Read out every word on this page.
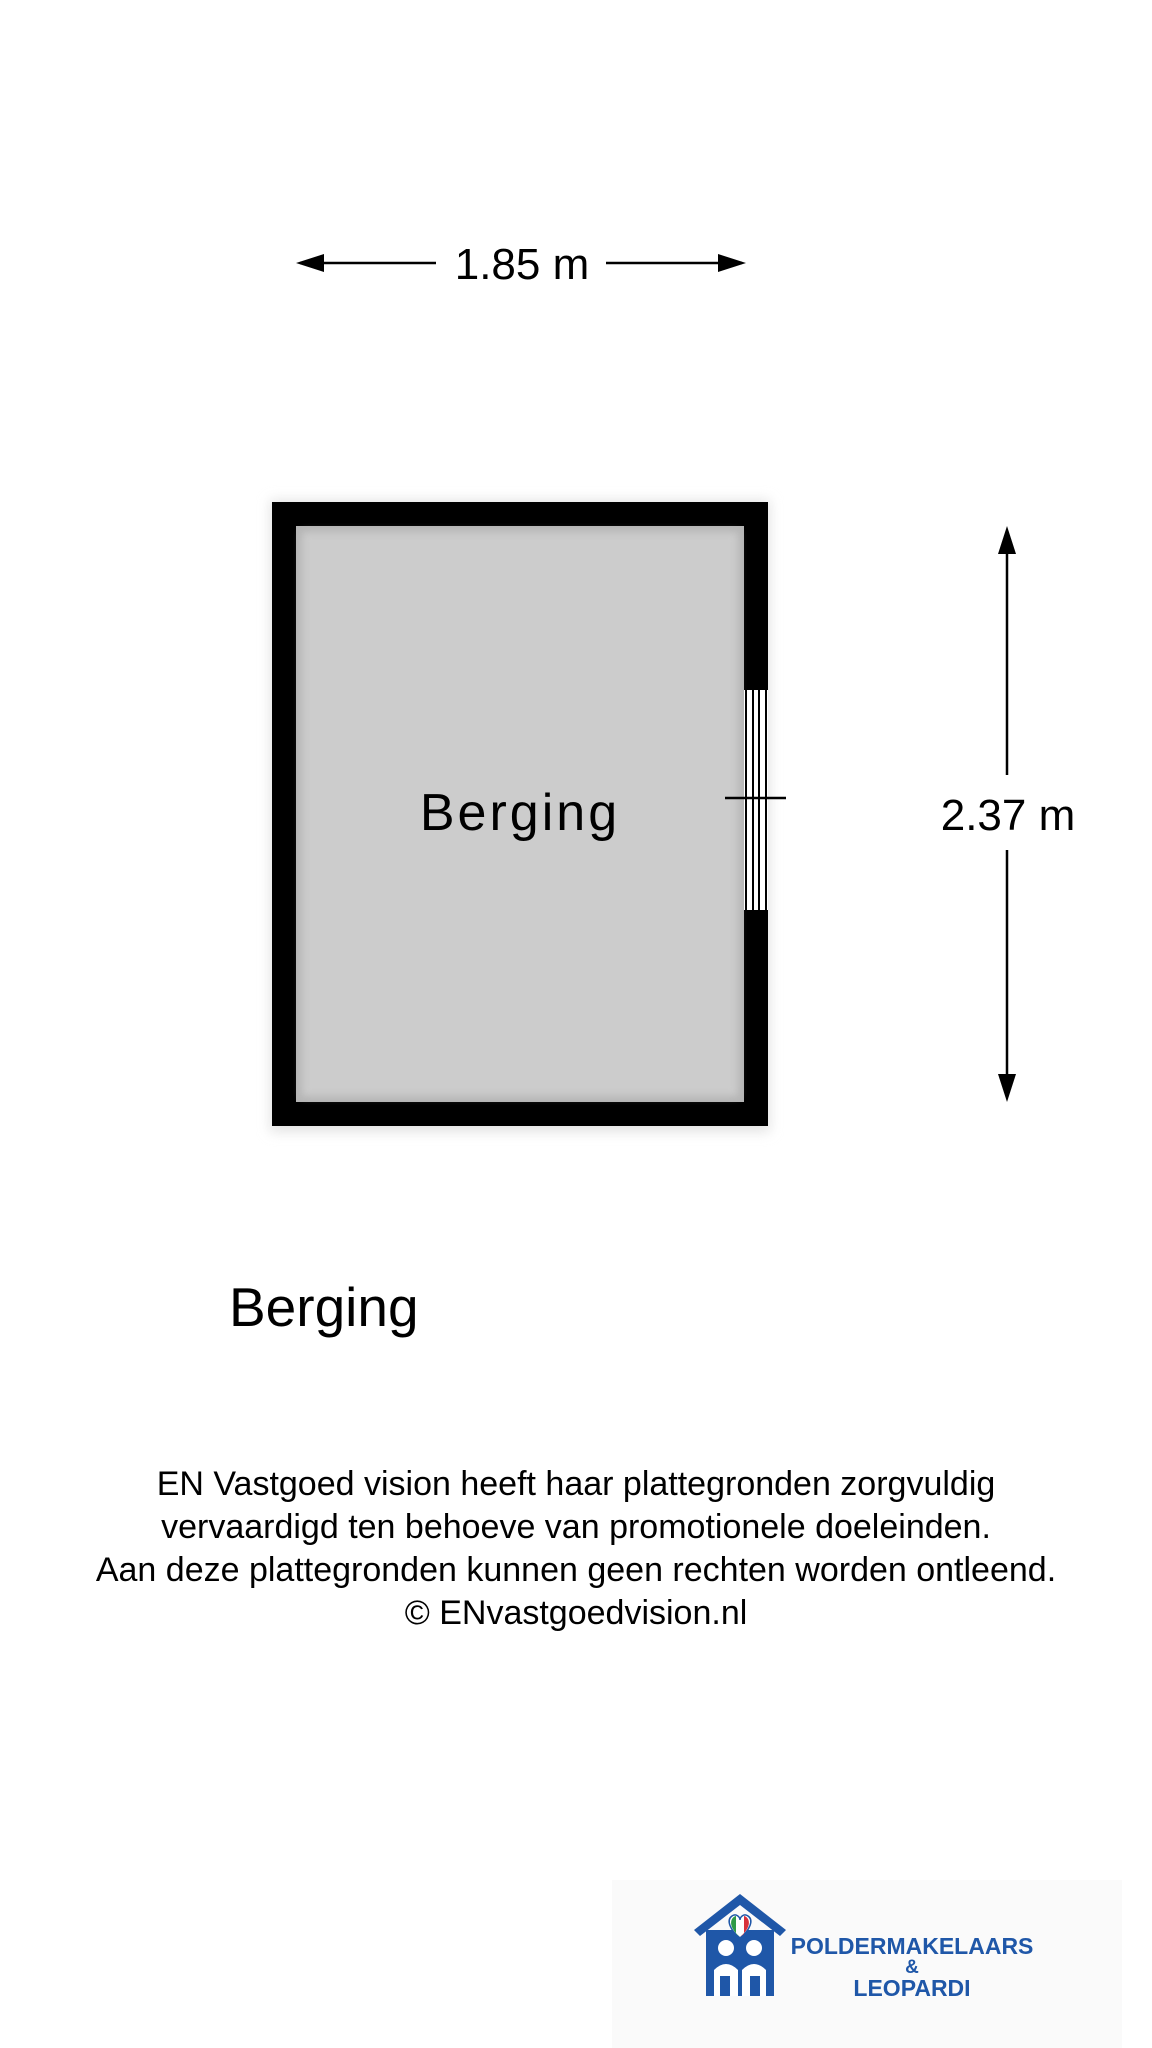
1.85 m
Berging	2.37 m
Berging
EN Vastgoed vision heeft haar plattegronden zorgvuldig
vervaardigd ten behoeve van promotionele doeleinden.
Aan deze plattegronden kunnen geen rechten worden ontleend.
© ENvastgoedvision.nl
POLDERMAKELAARS
&
LEOPARDI
